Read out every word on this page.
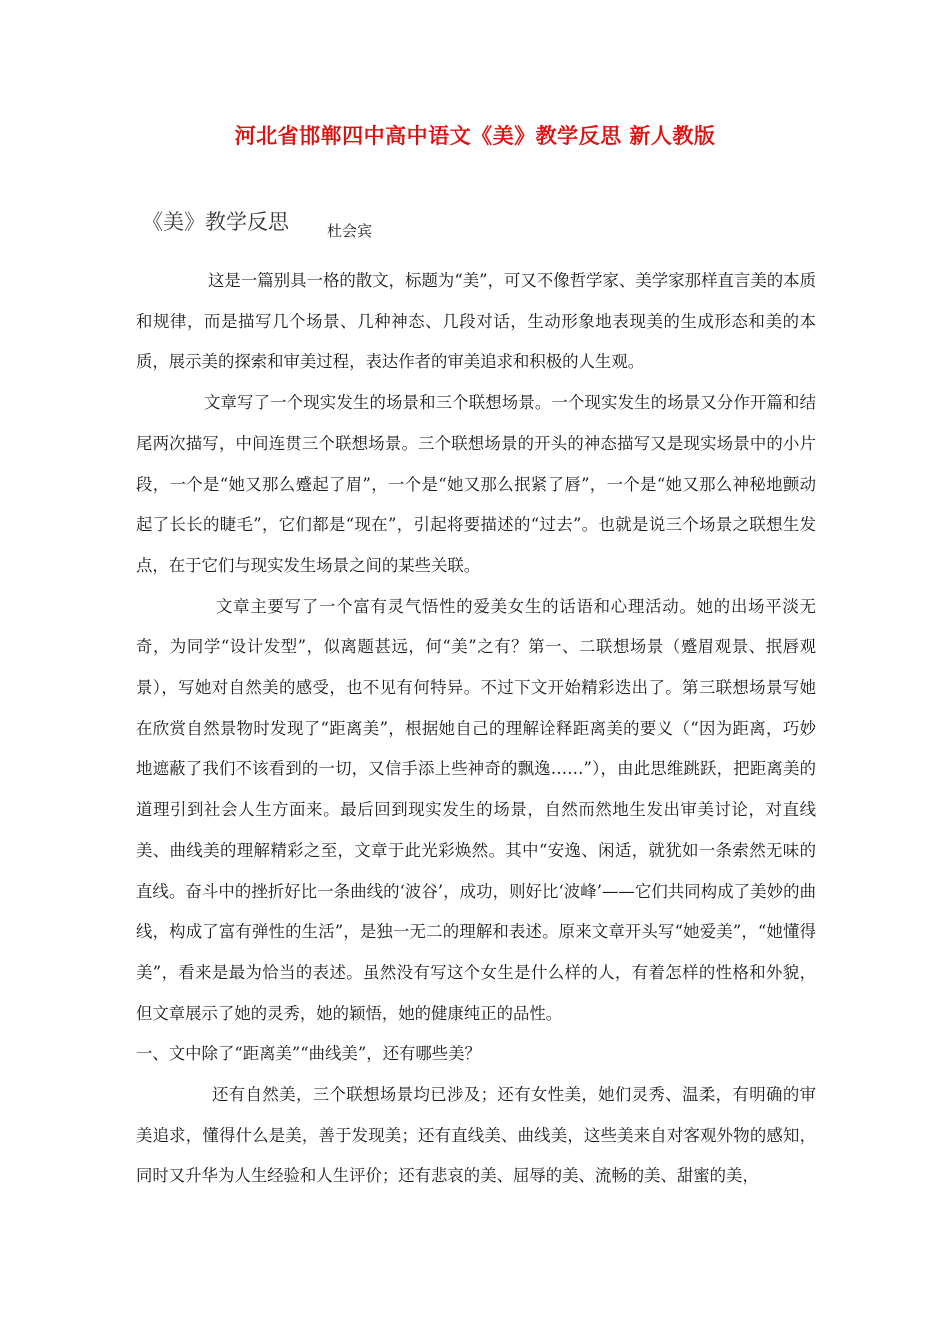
河北省邯郸四中高中语文《美》教学反思 新人教版
《美》教学反思	杜会宾

这是一篇别具一格的散文，标题为“美”，可又不像哲学家、美学家那样直言美的本质和规律，而是描写几个场景、几种神态、几段对话，生动形象地表现美的生成形态和美的本质，展示美的探索和审美过程，表达作者的审美追求和积极的人生观。

文章写了一个现实发生的场景和三个联想场景。一个现实发生的场景又分作开篇和结尾两次描写，中间连贯三个联想场景。三个联想场景的开头的神态描写又是现实场景中的小片段，一个是“她又那么蹙起了眉”，一个是“她又那么抿紧了唇”，一个是“她又那么神秘地颤动起了长长的睫毛”，它们都是“现在”，引起将要描述的“过去”。也就是说三个场景之联想生发点，在于它们与现实发生场景之间的某些关联。

文章主要写了一个富有灵气悟性的爱美女生的话语和心理活动。她的出场平淡无奇，为同学“设计发型”，似离题甚远，何“美”之有？第一、二联想场景（蹙眉观景、抿唇观景），写她对自然美的感受，也不见有何特异。不过下文开始精彩迭出了。第三联想场景写她在欣赏自然景物时发现了“距离美”，根据她自己的理解诠释距离美的要义（“因为距离，巧妙地遮蔽了我们不该看到的一切，又信手添上些神奇的飘逸……”），由此思维跳跃，把距离美的道理引到社会人生方面来。最后回到现实发生的场景，自然而然地生发出审美讨论，对直线美、曲线美的理解精彩之至，文章于此光彩焕然。其中“安逸、闲适，就犹如一条索然无味的直线。奋斗中的挫折好比一条曲线的‘波谷’，成功，则好比‘波峰’——它们共同构成了美妙的曲线，构成了富有弹性的生活”，是独一无二的理解和表述。原来文章开头写“她爱美”，“她懂得美”，看来是最为恰当的表述。虽然没有写这个女生是什么样的人，有着怎样的性格和外貌，但文章展示了她的灵秀，她的颖悟，她的健康纯正的品性。

一、文中除了“距离美”“曲线美”，还有哪些美？

还有自然美，三个联想场景均已涉及；还有女性美，她们灵秀、温柔，有明确的审美追求，懂得什么是美，善于发现美；还有直线美、曲线美，这些美来自对客观外物的感知，同时又升华为人生经验和人生评价；还有悲哀的美、屈辱的美、流畅的美、甜蜜的美，
